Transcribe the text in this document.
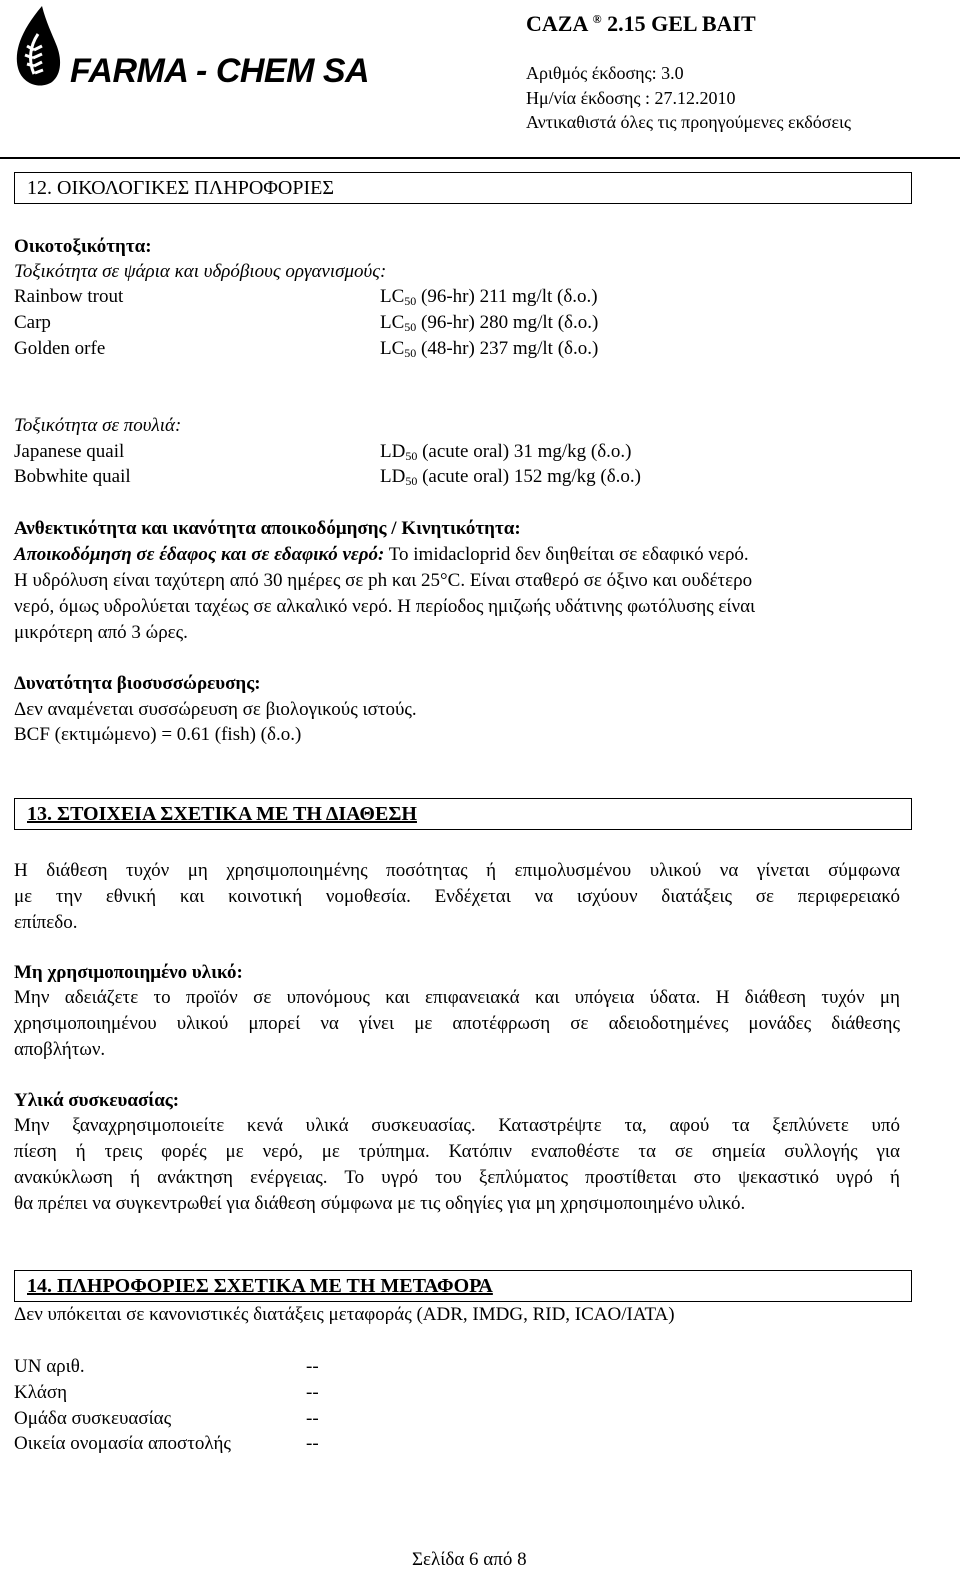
FARMA - CHEM SA
CAZA ® 2.15 GEL BAIT
Αριθμός έκδοσης: 3.0
Ημ/νία έκδοσης : 27.12.2010
Αντικαθιστά όλες τις προηγούμενες εκδόσεις
12. ΟΙΚΟΛΟΓΙΚΕΣ ΠΛΗΡΟΦΟΡΙΕΣ
Οικοτοξικότητα:
Τοξικότητα σε ψάρια και υδρόβιους οργανισμούς:
Rainbow trout	$LC_{50}$ (96-hr) 211 mg/lt (δ.ο.)
Carp	$LC_{50}$ (96-hr) 280 mg/lt (δ.ο.)
Golden orfe	$LC_{50}$ (48-hr) 237 mg/lt (δ.ο.)
Τοξικότητα σε πουλιά:
Japanese quail	$LD_{50}$ (acute oral) 31 mg/kg (δ.ο.)
Bobwhite quail	$LD_{50}$ (acute oral) 152 mg/kg (δ.ο.)
Ανθεκτικότητα και ικανότητα αποικοδόμησης / Κινητικότητα:
Αποικοδόμηση σε έδαφος και σε εδαφικό νερό: Το imidacloprid δεν διηθείται σε εδαφικό νερό.
Η υδρόλυση είναι ταχύτερη από 30 ημέρες σε ph και 25°C. Είναι σταθερό σε όξινο και ουδέτερο
νερό, όμως υδρολύεται ταχέως σε αλκαλικό νερό. Η περίοδος ημιζωής υδάτινης φωτόλυσης είναι
μικρότερη από 3 ώρες.
Δυνατότητα βιοσυσσώρευσης:
Δεν αναμένεται συσσώρευση σε βιολογικούς ιστούς.
BCF (εκτιμώμενο) = 0.61 (fish) (δ.ο.)
13. ΣΤΟΙΧΕΙΑ ΣΧΕΤΙΚΑ ΜΕ ΤΗ ΔΙΑΘΕΣΗ
Η διάθεση τυχόν μη χρησιμοποιημένης ποσότητας ή επιμολυσμένου υλικού να γίνεται σύμφωνα
με την εθνική και κοινοτική νομοθεσία. Ενδέχεται να ισχύουν διατάξεις σε περιφερειακό
επίπεδο.
Μη χρησιμοποιημένο υλικό:
Μην αδειάζετε το προϊόν σε υπονόμους και επιφανειακά και υπόγεια ύδατα. Η διάθεση τυχόν μη
χρησιμοποιημένου υλικού μπορεί να γίνει με αποτέφρωση σε αδειοδοτημένες μονάδες διάθεσης
αποβλήτων.
Υλικά συσκευασίας:
Μην ξαναχρησιμοποιείτε κενά υλικά συσκευασίας. Καταστρέψτε τα, αφού τα ξεπλύνετε υπό
πίεση ή τρεις φορές με νερό, με τρύπημα. Κατόπιν εναποθέστε τα σε σημεία συλλογής για
ανακύκλωση ή ανάκτηση ενέργειας. Το υγρό του ξεπλύματος προστίθεται στο ψεκαστικό υγρό ή
θα πρέπει να συγκεντρωθεί για διάθεση σύμφωνα με τις οδηγίες για μη χρησιμοποιημένο υλικό.
14. ΠΛΗΡΟΦΟΡΙΕΣ ΣΧΕΤΙΚΑ ΜΕ ΤΗ ΜΕΤΑΦΟΡΑ
Δεν υπόκειται σε κανονιστικές διατάξεις μεταφοράς (ADR, IMDG, RID, ICAO/IATA)
UN αριθ.	--
Κλάση	--
Ομάδα συσκευασίας	--
Οικεία ονομασία αποστολής	--
Σελίδα 6 από 8
